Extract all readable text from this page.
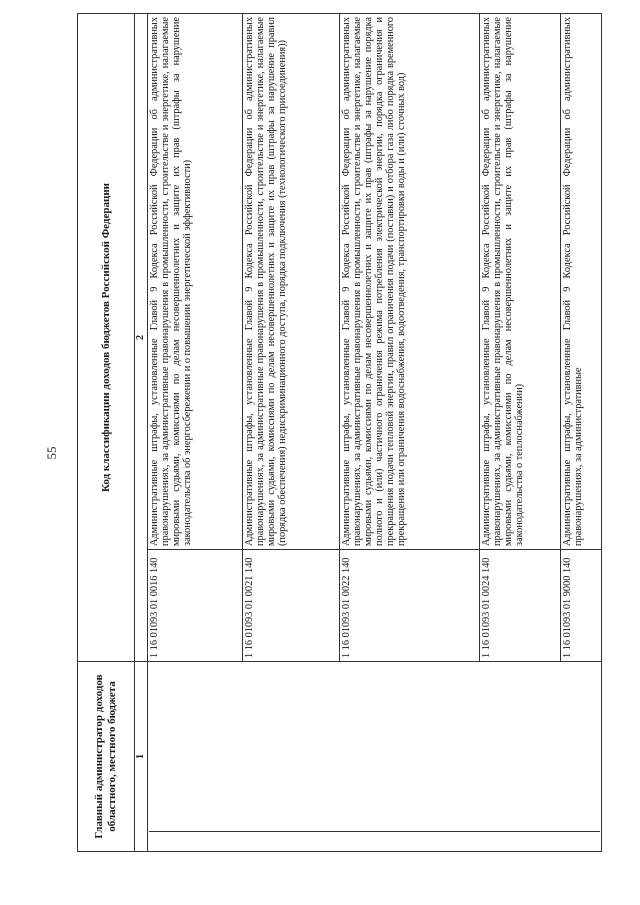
55
Главный администратор доходов областного, местного бюджета	Код классификации доходов бюджетов Российской Федерации	
1	2	

	1 16 01093 01 0016 140	Административные штрафы, установленные Главой 9 Кодекса Российской Федерации об административных правонарушениях, за административные правонарушения в промышленности, строительстве и энергетике, налагаемые мировыми судьями, комиссиями по делам несовершеннолетних и защите их прав (штрафы за нарушение законодательства об энергосбережении и о повышении энергетической эффективности)
	1 16 01093 01 0021 140	Административные штрафы, установленные Главой 9 Кодекса Российской Федерации об административных правонарушениях, за административные правонарушения в промышленности, строительстве и энергетике, налагаемые мировыми судьями, комиссиями по делам несовершеннолетних и защите их прав (штрафы за нарушение правил (порядка обеспечения) недискриминационного доступа, порядка подключения (технологического присоединения))
	1 16 01093 01 0022 140	Административные штрафы, установленные Главой 9 Кодекса Российской Федерации об административных правонарушениях, за административные правонарушения в промышленности, строительстве и энергетике, налагаемые мировыми судьями, комиссиями по делам несовершеннолетних и защите их прав (штрафы за нарушение порядка полного и (или) частичного ограничения режима потребления электрической энергии, порядка ограничения и прекращения подачи тепловой энергии, правил ограничения подачи (поставки) и отбора газа либо порядка временного прекращения или ограничения водоснабжения, водоотведения, транспортировки воды и (или) сточных вод)
	1 16 01093 01 0024 140	Административные штрафы, установленные Главой 9 Кодекса Российской Федерации об административных правонарушениях, за административные правонарушения в промышленности, строительстве и энергетике, налагаемые мировыми судьями, комиссиями по делам несовершеннолетних и защите их прав (штрафы за нарушение законодательства о теплоснабжении)
	1 16 01093 01 9000 140	Административные штрафы, установленные Главой 9 Кодекса Российской Федерации об административных правонарушениях, за административные
